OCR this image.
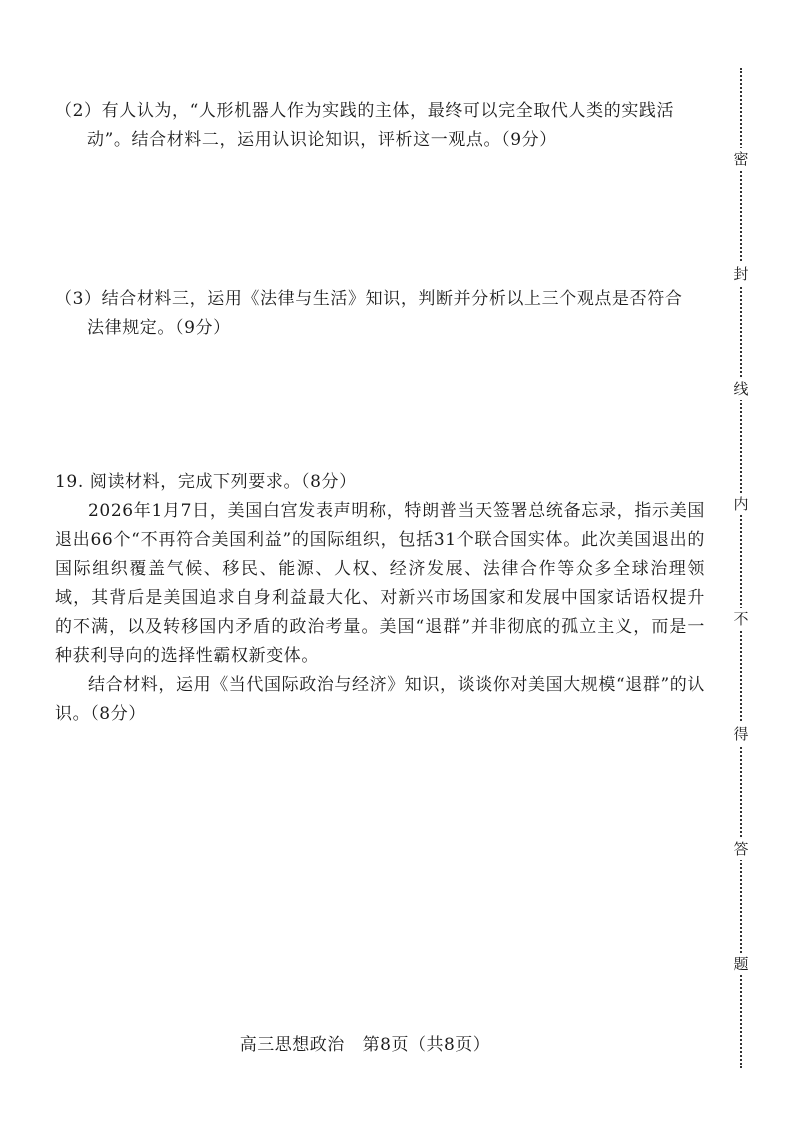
（2）有人认为，“人形机器人作为实践的主体，最终可以完全取代人类的实践活
动”。结合材料二，运用认识论知识，评析这一观点。（9分）
（3）结合材料三，运用《法律与生活》知识，判断并分析以上三个观点是否符合
法律规定。（9分）
19. 阅读材料，完成下列要求。（8分）

2026年1月7日，美国白宫发表声明称，特朗普当天签署总统备忘录，指示美国退出66个“不再符合美国利益”的国际组织，包括31个联合国实体。此次美国退出的国际组织覆盖气候、移民、能源、人权、经济发展、法律合作等众多全球治理领域，其背后是美国追求自身利益最大化、对新兴市场国家和发展中国家话语权提升的不满，以及转移国内矛盾的政治考量。美国“退群”并非彻底的孤立主义，而是一种获利导向的选择性霸权新变体。

结合材料，运用《当代国际政治与经济》知识，谈谈你对美国大规模“退群”的认识。（8分）

高三思想政治 第8页（共8页）
密
封
线
内
不
得
答
题
